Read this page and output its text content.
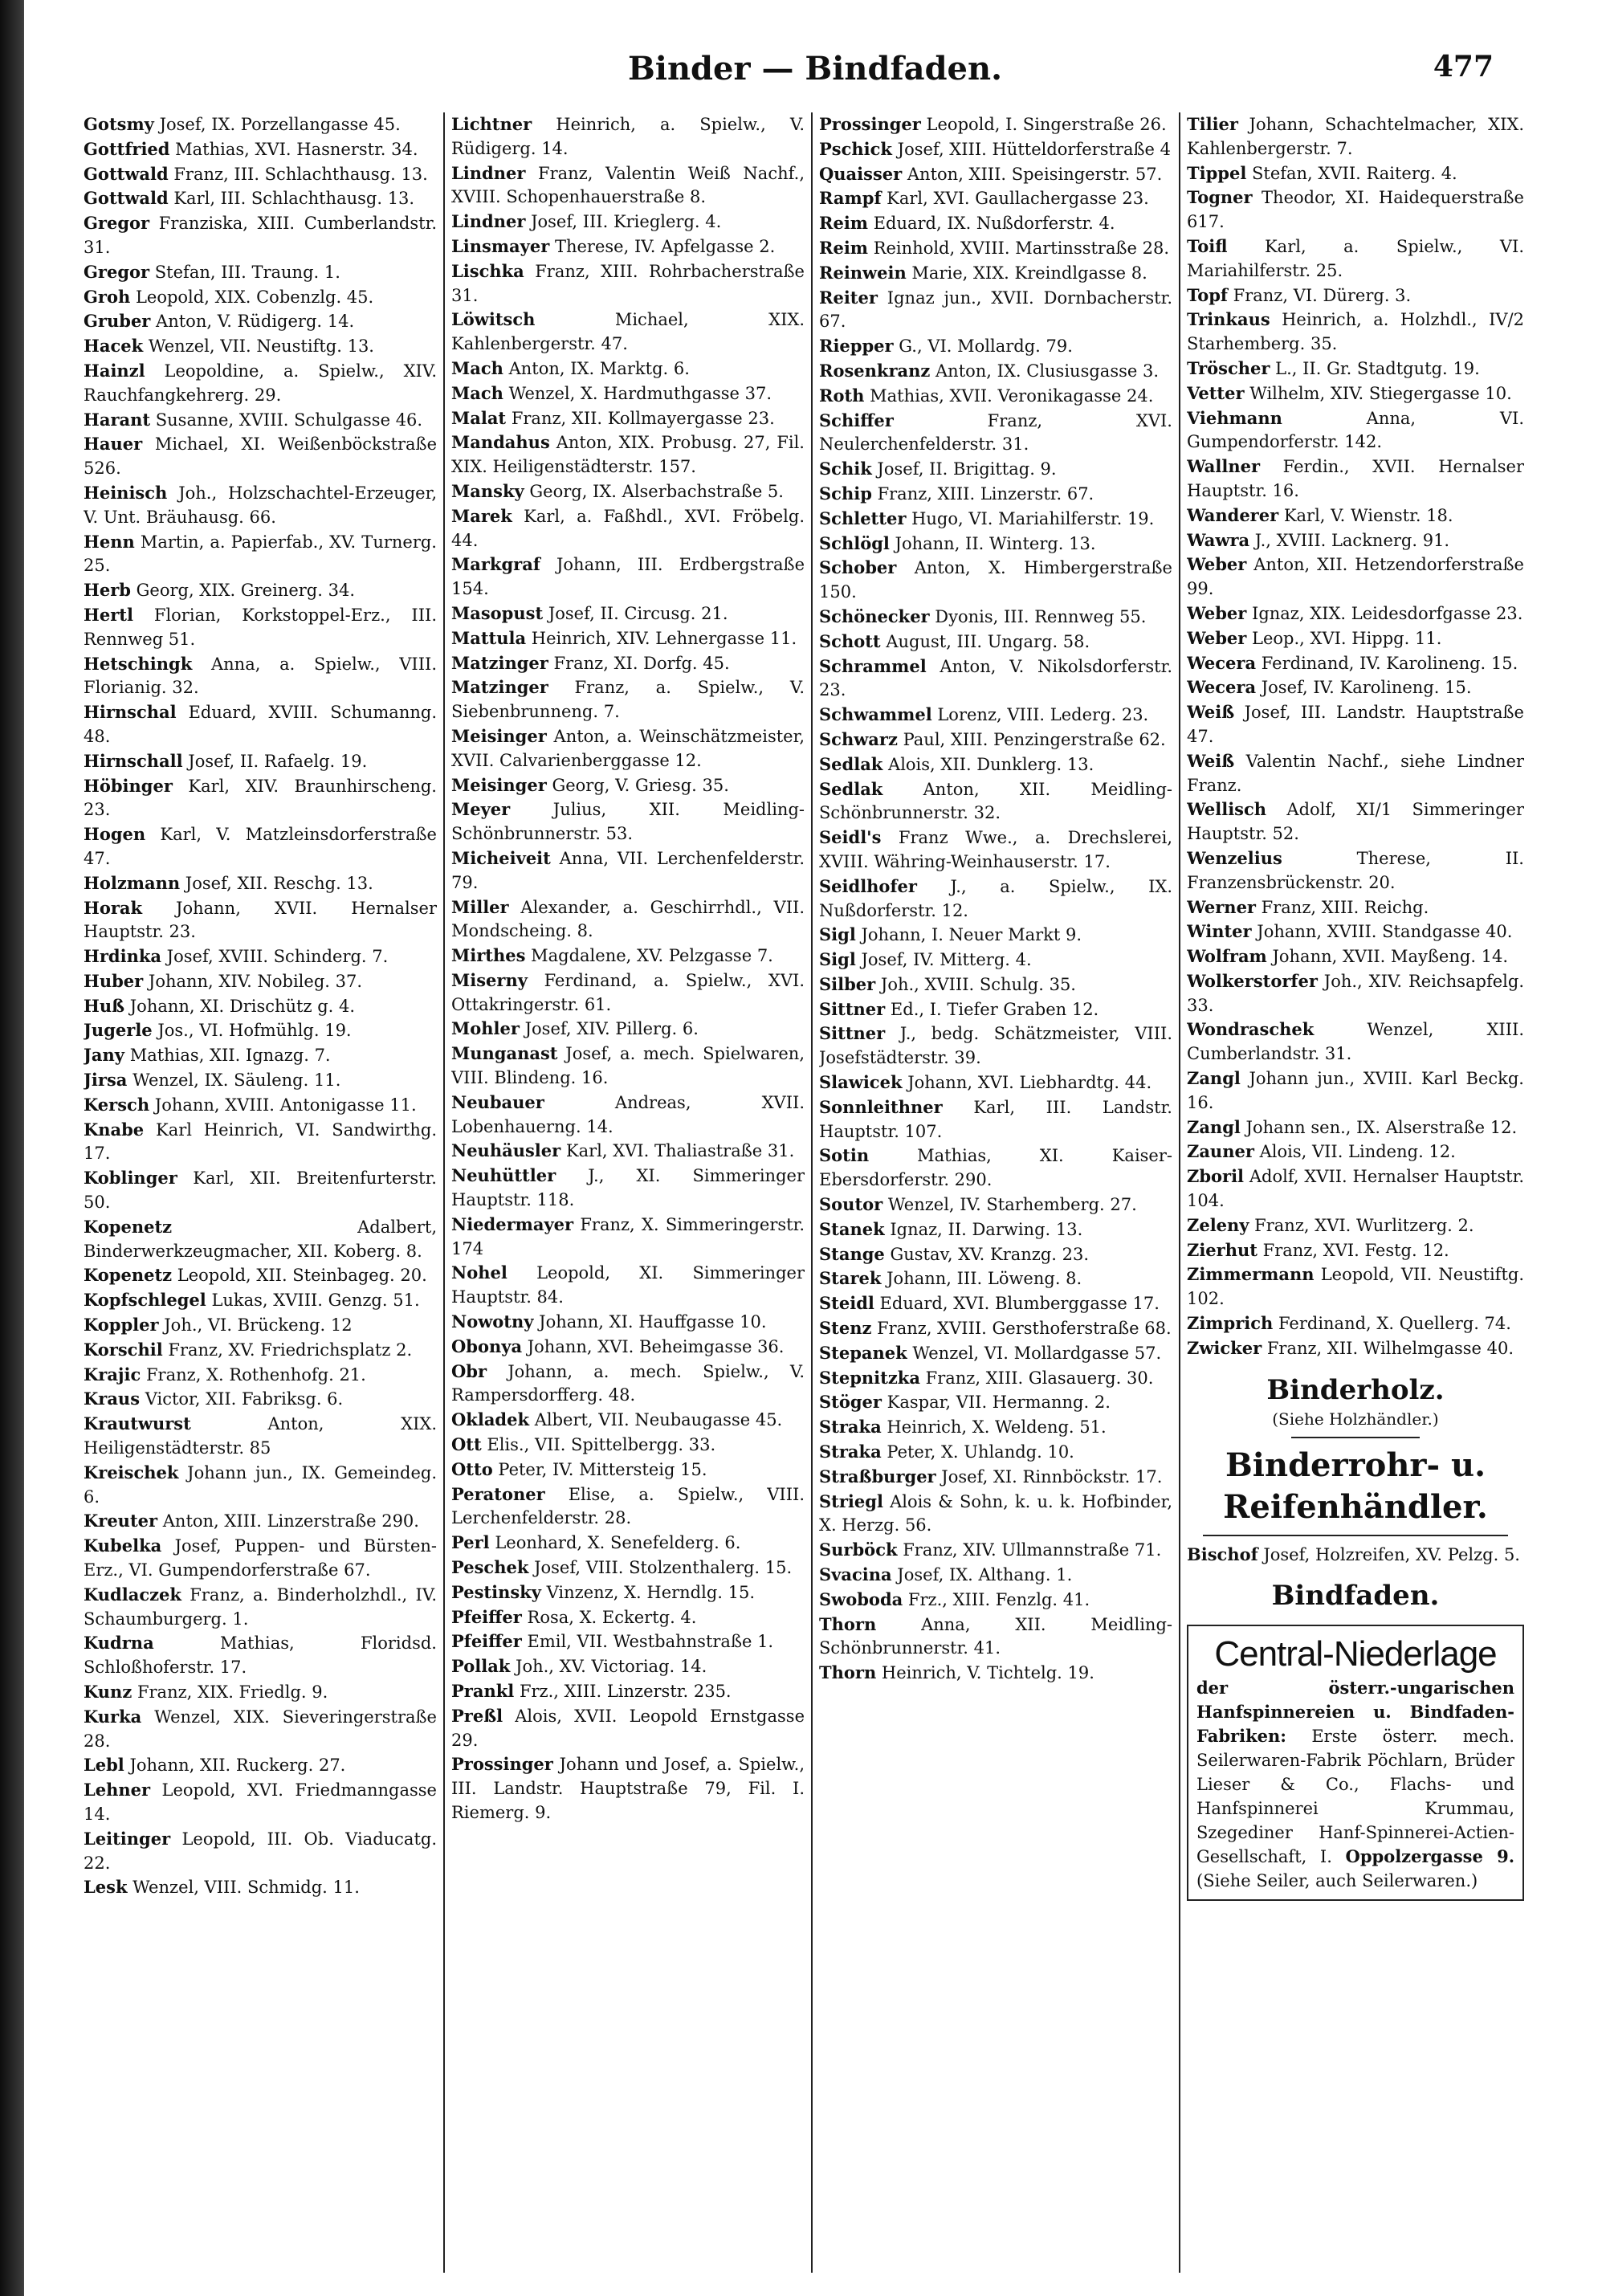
Binder — Bindfaden.	477

Gotsmy Josef, IX. Porzellangasse 45.

Gottfried Mathias, XVI. Hasnerstr. 34.

Gottwald Franz, III. Schlachthausg. 13.

Gottwald Karl, III. Schlachthausg. 13.

Gregor Franziska, XIII. Cumberlandstr. 31.

Gregor Stefan, III. Traung. 1.

Groh Leopold, XIX. Cobenzlg. 45.

Gruber Anton, V. Rüdigerg. 14.

Hacek Wenzel, VII. Neustiftg. 13.

Hainzl Leopoldine, a. Spielw., XIV. Rauchfangkehrerg. 29.

Harant Susanne, XVIII. Schulgasse 46.

Hauer Michael, XI. Weißenböckstraße 526.

Heinisch Joh., Holzschachtel-Erzeuger, V. Unt. Bräuhausg. 66.

Henn Martin, a. Papierfab., XV. Turnerg. 25.

Herb Georg, XIX. Greinerg. 34.

Hertl Florian, Korkstoppel-Erz., III. Rennweg 51.

Hetschingk Anna, a. Spielw., VIII. Florianig. 32.

Hirnschal Eduard, XVIII. Schumanng. 48.

Hirnschall Josef, II. Rafaelg. 19.

Höbinger Karl, XIV. Braunhirscheng. 23.

Hogen Karl, V. Matzleinsdorferstraße 47.

Holzmann Josef, XII. Reschg. 13.

Horak Johann, XVII. Hernalser Hauptstr. 23.

Hrdinka Josef, XVIII. Schinderg. 7.

Huber Johann, XIV. Nobileg. 37.

Huß Johann, XI. Drischütz g. 4.

Jugerle Jos., VI. Hofmühlg. 19.

Jany Mathias, XII. Ignazg. 7.

Jirsa Wenzel, IX. Säuleng. 11.

Kersch Johann, XVIII. Antonigasse 11.

Knabe Karl Heinrich, VI. Sandwirthg. 17.

Koblinger Karl, XII. Breitenfurterstr. 50.

Kopenetz Adalbert, Binderwerkzeugmacher, XII. Koberg. 8.

Kopenetz Leopold, XII. Steinbageg. 20.

Kopfschlegel Lukas, XVIII. Genzg. 51.

Koppler Joh., VI. Brückeng. 12

Korschil Franz, XV. Friedrichsplatz 2.

Krajic Franz, X. Rothenhofg. 21.

Kraus Victor, XII. Fabriksg. 6.

Krautwurst Anton, XIX. Heiligenstädterstr. 85

Kreischek Johann jun., IX. Gemeindeg. 6.

Kreuter Anton, XIII. Linzerstraße 290.

Kubelka Josef, Puppen- und Bürsten-Erz., VI. Gumpendorferstraße 67.

Kudlaczek Franz, a. Binderholzhdl., IV. Schaumburgerg. 1.

Kudrna Mathias, Floridsd. Schloßhoferstr. 17.

Kunz Franz, XIX. Friedlg. 9.

Kurka Wenzel, XIX. Sieveringerstraße 28.

Lebl Johann, XII. Ruckerg. 27.

Lehner Leopold, XVI. Friedmanngasse 14.

Leitinger Leopold, III. Ob. Viaducatg. 22.

Lesk Wenzel, VIII. Schmidg. 11.

Lichtner Heinrich, a. Spielw., V. Rüdigerg. 14.

Lindner Franz, Valentin Weiß Nachf., XVIII. Schopenhauerstraße 8.

Lindner Josef, III. Krieglerg. 4.

Linsmayer Therese, IV. Apfelgasse 2.

Lischka Franz, XIII. Rohrbacherstraße 31.

Löwitsch Michael, XIX. Kahlenbergerstr. 47.

Mach Anton, IX. Marktg. 6.

Mach Wenzel, X. Hardmuthgasse 37.

Malat Franz, XII. Kollmayergasse 23.

Mandahus Anton, XIX. Probusg. 27, Fil. XIX. Heiligenstädterstr. 157.

Mansky Georg, IX. Alserbachstraße 5.

Marek Karl, a. Faßhdl., XVI. Fröbelg. 44.

Markgraf Johann, III. Erdbergstraße 154.

Masopust Josef, II. Circusg. 21.

Mattula Heinrich, XIV. Lehnergasse 11.

Matzinger Franz, XI. Dorfg. 45.

Matzinger Franz, a. Spielw., V. Siebenbrunneng. 7.

Meisinger Anton, a. Weinschätzmeister, XVII. Calvarienberggasse 12.

Meisinger Georg, V. Griesg. 35.

Meyer Julius, XII. Meidling-Schönbrunnerstr. 53.

Micheiveit Anna, VII. Lerchenfelderstr. 79.

Miller Alexander, a. Geschirrhdl., VII. Mondscheing. 8.

Mirthes Magdalene, XV. Pelzgasse 7.

Miserny Ferdinand, a. Spielw., XVI. Ottakringerstr. 61.

Mohler Josef, XIV. Pillerg. 6.

Munganast Josef, a. mech. Spielwaren, VIII. Blindeng. 16.

Neubauer Andreas, XVII. Lobenhauerng. 14.

Neuhäusler Karl, XVI. Thaliastraße 31.

Neuhüttler J., XI. Simmeringer Hauptstr. 118.

Niedermayer Franz, X. Simmeringerstr. 174

Nohel Leopold, XI. Simmeringer Hauptstr. 84.

Nowotny Johann, XI. Hauffgasse 10.

Obonya Johann, XVI. Beheimgasse 36.

Obr Johann, a. mech. Spielw., V. Rampersdorfferg. 48.

Okladek Albert, VII. Neubaugasse 45.

Ott Elis., VII. Spittelbergg. 33.

Otto Peter, IV. Mittersteig 15.

Peratoner Elise, a. Spielw., VIII. Lerchenfelderstr. 28.

Perl Leonhard, X. Senefelderg. 6.

Peschek Josef, VIII. Stolzenthalerg. 15.

Pestinsky Vinzenz, X. Herndlg. 15.

Pfeiffer Rosa, X. Eckertg. 4.

Pfeiffer Emil, VII. Westbahnstraße 1.

Pollak Joh., XV. Victoriag. 14.

Prankl Frz., XIII. Linzerstr. 235.

Preßl Alois, XVII. Leopold Ernstgasse 29.

Prossinger Johann und Josef, a. Spielw., III. Landstr. Hauptstraße 79, Fil. I. Riemerg. 9.

Prossinger Leopold, I. Singerstraße 26.

Pschick Josef, XIII. Hütteldorferstraße 4

Quaisser Anton, XIII. Speisingerstr. 57.

Rampf Karl, XVI. Gaullachergasse 23.

Reim Eduard, IX. Nußdorferstr. 4.

Reim Reinhold, XVIII. Martinsstraße 28.

Reinwein Marie, XIX. Kreindlgasse 8.

Reiter Ignaz jun., XVII. Dornbacherstr. 67.

Riepper G., VI. Mollardg. 79.

Rosenkranz Anton, IX. Clusiusgasse 3.

Roth Mathias, XVII. Veronikagasse 24.

Schiffer Franz, XVI. Neulerchenfelderstr. 31.

Schik Josef, II. Brigittag. 9.

Schip Franz, XIII. Linzerstr. 67.

Schletter Hugo, VI. Mariahilferstr. 19.

Schlögl Johann, II. Winterg. 13.

Schober Anton, X. Himbergerstraße 150.

Schönecker Dyonis, III. Rennweg 55.

Schott August, III. Ungarg. 58.

Schrammel Anton, V. Nikolsdorferstr. 23.

Schwammel Lorenz, VIII. Lederg. 23.

Schwarz Paul, XIII. Penzingerstraße 62.

Sedlak Alois, XII. Dunklerg. 13.

Sedlak Anton, XII. Meidling-Schönbrunnerstr. 32.

Seidl's Franz Wwe., a. Drechslerei, XVIII. Währing-Weinhauserstr. 17.

Seidlhofer J., a. Spielw., IX. Nußdorferstr. 12.

Sigl Johann, I. Neuer Markt 9.

Sigl Josef, IV. Mitterg. 4.

Silber Joh., XVIII. Schulg. 35.

Sittner Ed., I. Tiefer Graben 12.

Sittner J., bedg. Schätzmeister, VIII. Josefstädterstr. 39.

Slawicek Johann, XVI. Liebhardtg. 44.

Sonnleithner Karl, III. Landstr. Hauptstr. 107.

Sotin Mathias, XI. Kaiser-Ebersdorferstr. 290.

Soutor Wenzel, IV. Starhemberg. 27.

Stanek Ignaz, II. Darwing. 13.

Stange Gustav, XV. Kranzg. 23.

Starek Johann, III. Löweng. 8.

Steidl Eduard, XVI. Blumberggasse 17.

Stenz Franz, XVIII. Gersthoferstraße 68.

Stepanek Wenzel, VI. Mollardgasse 57.

Stepnitzka Franz, XIII. Glasauerg. 30.

Stöger Kaspar, VII. Hermanng. 2.

Straka Heinrich, X. Weldeng. 51.

Straka Peter, X. Uhlandg. 10.

Straßburger Josef, XI. Rinnböckstr. 17.

Striegl Alois & Sohn, k. u. k. Hofbinder, X. Herzg. 56.

Surböck Franz, XIV. Ullmannstraße 71.

Svacina Josef, IX. Althang. 1.

Swoboda Frz., XIII. Fenzlg. 41.

Thorn Anna, XII. Meidling-Schönbrunnerstr. 41.

Thorn Heinrich, V. Tichtelg. 19.

Tilier Johann, Schachtelmacher, XIX. Kahlenbergerstr. 7.

Tippel Stefan, XVII. Raiterg. 4.

Togner Theodor, XI. Haidequerstraße 617.

Toifl Karl, a. Spielw., VI. Mariahilferstr. 25.

Topf Franz, VI. Dürerg. 3.

Trinkaus Heinrich, a. Holzhdl., IV/2 Starhemberg. 35.

Tröscher L., II. Gr. Stadtgutg. 19.

Vetter Wilhelm, XIV. Stiegergasse 10.

Viehmann Anna, VI. Gumpendorferstr. 142.

Wallner Ferdin., XVII. Hernalser Hauptstr. 16.

Wanderer Karl, V. Wienstr. 18.

Wawra J., XVIII. Lacknerg. 91.

Weber Anton, XII. Hetzendorferstraße 99.

Weber Ignaz, XIX. Leidesdorfgasse 23.

Weber Leop., XVI. Hippg. 11.

Wecera Ferdinand, IV. Karolineng. 15.

Wecera Josef, IV. Karolineng. 15.

Weiß Josef, III. Landstr. Hauptstraße 47.

Weiß Valentin Nachf., siehe Lindner Franz.

Wellisch Adolf, XI/1 Simmeringer Hauptstr. 52.

Wenzelius Therese, II. Franzensbrückenstr. 20.

Werner Franz, XIII. Reichg.

Winter Johann, XVIII. Standgasse 40.

Wolfram Johann, XVII. Mayßeng. 14.

Wolkerstorfer Joh., XIV. Reichsapfelg. 33.

Wondraschek Wenzel, XIII. Cumberlandstr. 31.

Zangl Johann jun., XVIII. Karl Beckg. 16.

Zangl Johann sen., IX. Alserstraße 12.

Zauner Alois, VII. Lindeng. 12.

Zboril Adolf, XVII. Hernalser Hauptstr. 104.

Zeleny Franz, XVI. Wurlitzerg. 2.

Zierhut Franz, XVI. Festg. 12.

Zimmermann Leopold, VII. Neustiftg. 102.

Zimprich Ferdinand, X. Quellerg. 74.

Zwicker Franz, XII. Wilhelmgasse 40.

Binderholz.
(Siehe Holzhändler.)
Binderrohr- u. Reifenhändler.

Bischof Josef, Holzreifen, XV. Pelzg. 5.

Bindfaden.
Central-Niederlage
der österr.-ungarischen Hanfspinnereien u. Bindfaden-Fabriken: Erste österr. mech. Seilerwaren-Fabrik Pöchlarn, Brüder Lieser & Co., Flachs- und Hanfspinnerei Krummau, Szegediner Hanf-Spinnerei-Actien-Gesellschaft, I. Oppolzergasse 9. (Siehe Seiler, auch Seilerwaren.)
